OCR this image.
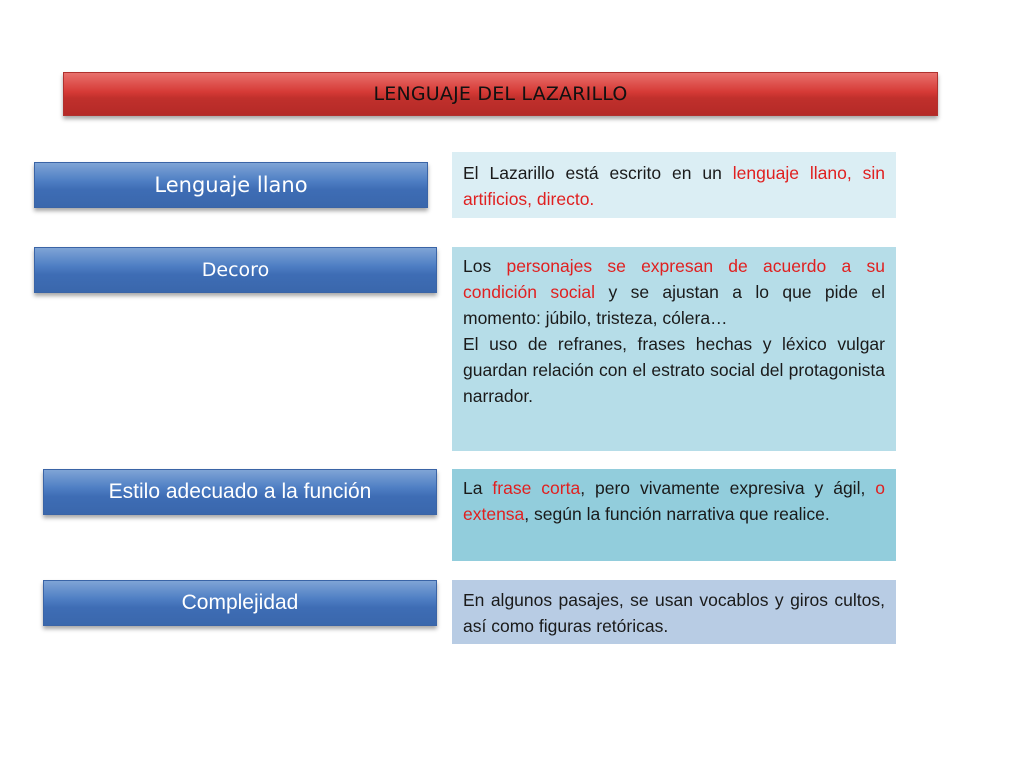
LENGUAJE DEL LAZARILLO
Lenguaje llano	El Lazarillo está escrito en un lenguaje llano, sin artificios, directo.
Decoro	Los personajes se expresan de acuerdo a su condición social y se ajustan a lo que pide el momento: júbilo, tristeza, cólera…
El uso de refranes, frases hechas y léxico vulgar guardan relación con el estrato social del protagonista narrador.
Estilo adecuado a la función	La frase corta, pero vivamente expresiva y ágil, o extensa, según la función narrativa que realice.
Complejidad	En algunos pasajes, se usan vocablos y giros cultos, así como figuras retóricas.
